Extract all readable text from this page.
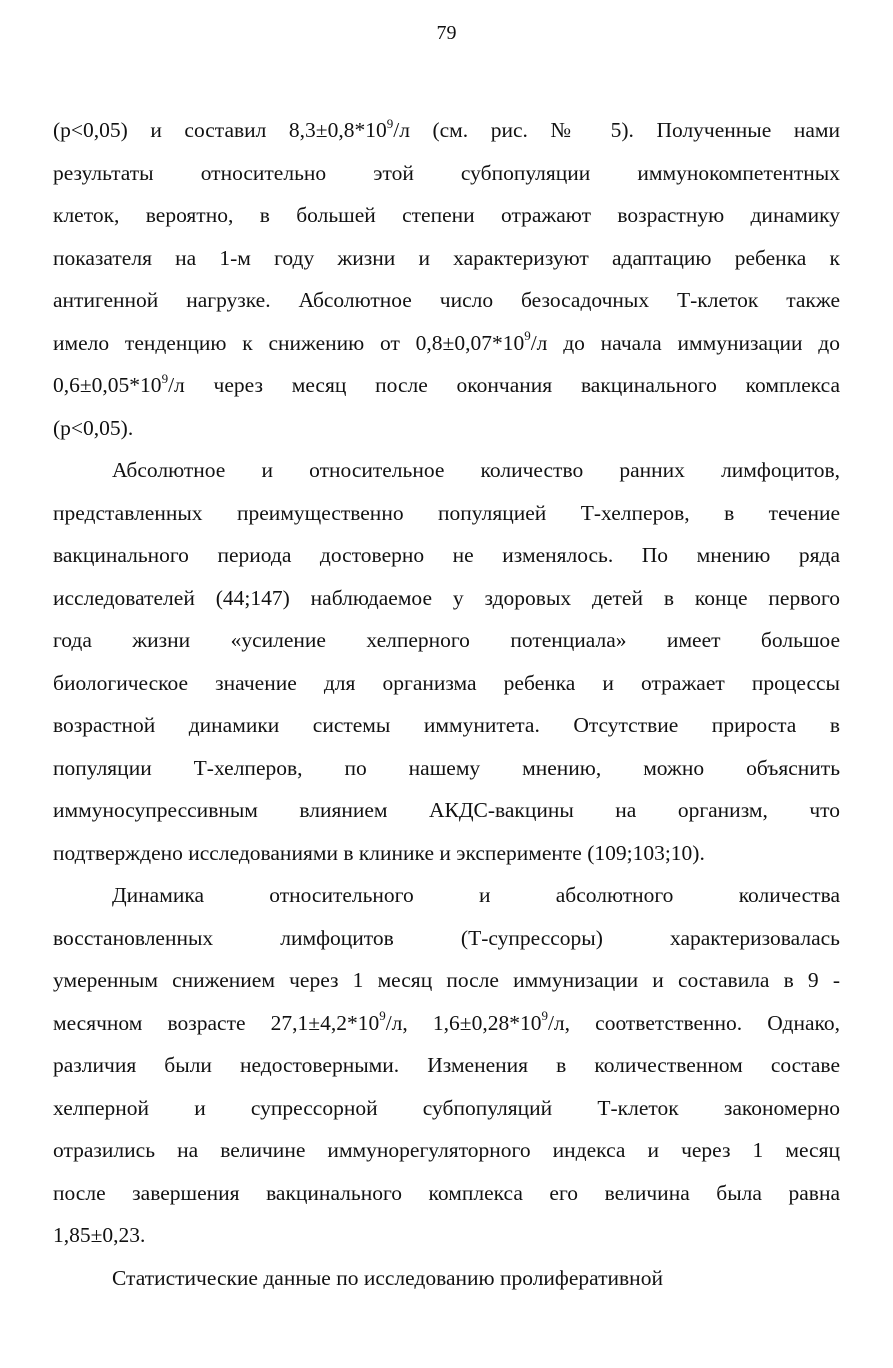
79
(p<0,05) и составил $8,3\pm 0,8*10^9/л$ (см. рис. № 5). Полученные нами
результаты относительно этой субпопуляции иммунокомпетентных
клеток, вероятно, в большей степени отражают возрастную динамику
показателя на 1-м году жизни и характеризуют адаптацию ребенка к
антигенной нагрузке. Абсолютное число безосадочных Т-клеток также
имело тенденцию к снижению от $0,8\pm 0,07*10^9/л$ до начала иммунизации до
$0,6\pm 0,05*10^9/л$ через месяц после окончания вакцинального комплекса
(p<0,05).
Абсолютное и относительное количество ранних лимфоцитов,
представленных преимущественно популяцией Т-хелперов, в течение
вакцинального периода достоверно не изменялось. По мнению ряда
исследователей (44;147) наблюдаемое у здоровых детей в конце первого
года жизни «усиление хелперного потенциала» имеет большое
биологическое значение для организма ребенка и отражает процессы
возрастной динамики системы иммунитета. Отсутствие прироста в
популяции Т-хелперов, по нашему мнению, можно объяснить
иммуносупрессивным влиянием АКДС-вакцины на организм, что
подтверждено исследованиями в клинике и эксперименте (109;103;10).
Динамика относительного и абсолютного количества
восстановленных лимфоцитов (Т-супрессоры) характеризовалась
умеренным снижением через 1 месяц после иммунизации и составила в 9 -
месячном возрасте $27,1\pm 4,2*10^9/л$, $1,6\pm 0,28*10^9/л$, соответственно. Однако,
различия были недостоверными. Изменения в количественном составе
хелперной и супрессорной субпопуляций Т-клеток закономерно
отразились на величине иммунорегуляторного индекса и через 1 месяц
после завершения вакцинального комплекса его величина была равна
1,85±0,23.
Статистические данные по исследованию пролиферативной
